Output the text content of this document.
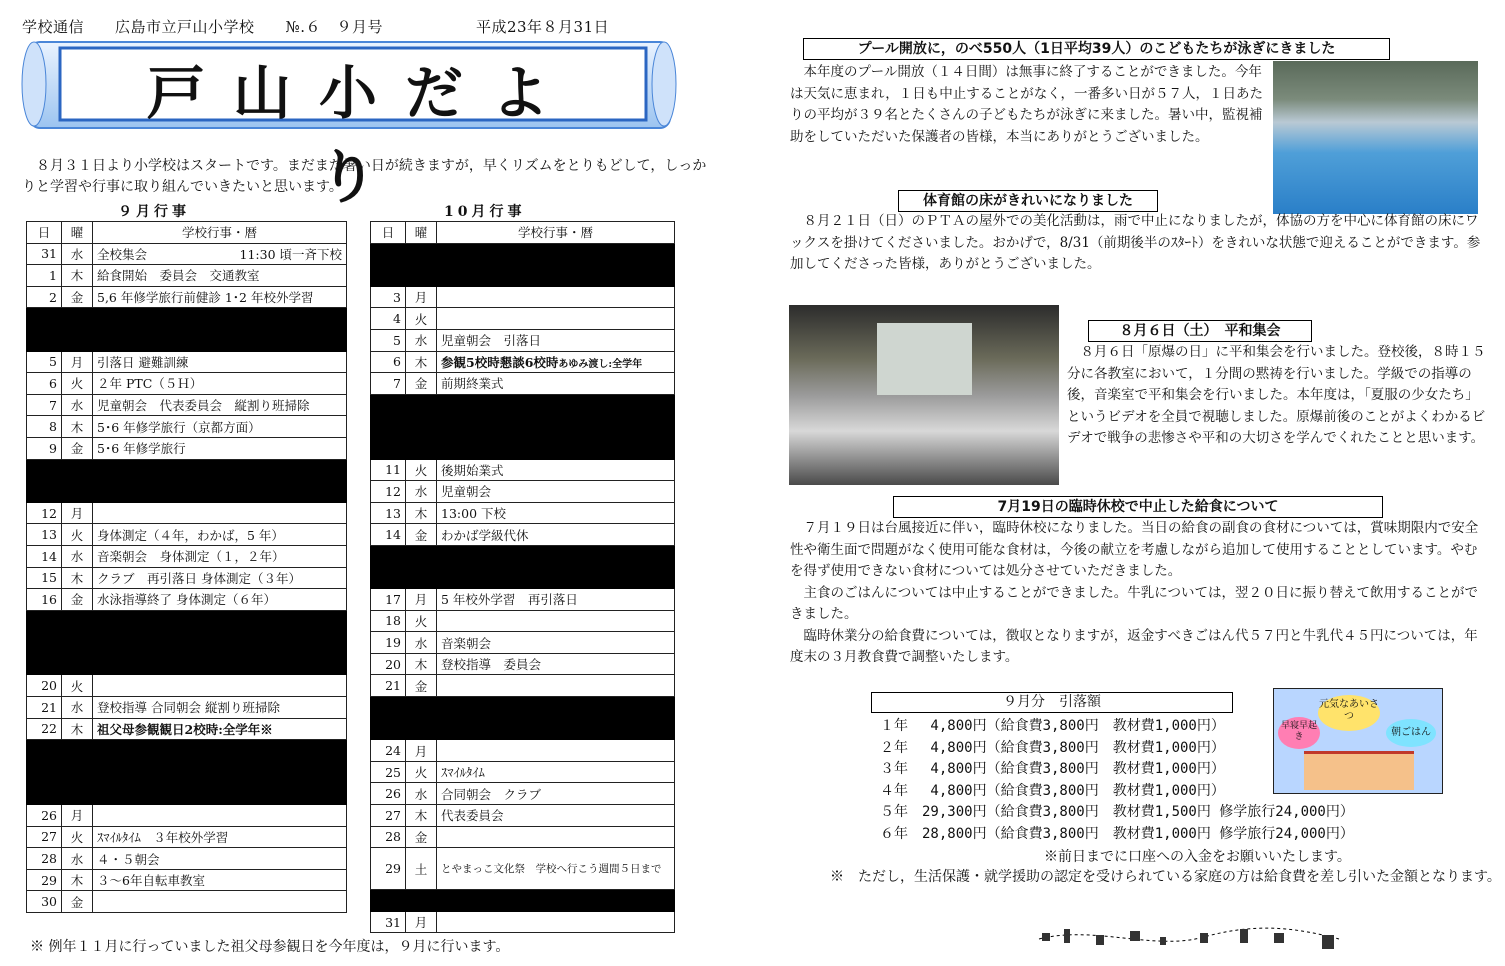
学校通信　　広島市立戸山小学校　　№.６　９月号　　　　　　平成23年８月31日
戸山小だより
８月３１日より小学校はスタートです。まだまだ暑い日が続きますが，早くリズムをとりもどして，しっかりと学習や行事に取り組んでいきたいと思います。
９月行事	10月行事
日	曜	学校行事・暦
31	水	全校集会 11:30 頃一斉下校

1	木	給食開始　委員会　交通教室
2	金	5,6 年修学旅行前健診 1･2 年校外学習

5	月	引落日 避難訓練
6	火	２年 PTC（５Ｈ）
7	水	児童朝会　代表委員会　縦割り班掃除
8	木	5･6 年修学旅行（京都方面）
9	金	5･6 年修学旅行

12	月	
13	火	身体測定（４年，わかば，5 年）
14	水	音楽朝会　身体測定（１，２年）
15	木	クラブ　再引落日 身体測定（３年）
16	金	水泳指導終了 身体測定（６年）

20	火	
21	水	登校指導 合同朝会 縦割り班掃除
22	木	祖父母参観観日2校時:全学年※

26	月	
27	火	ｽﾏｲﾙﾀｲﾑ　３年校外学習
28	水	４・５朝会
29	木	３～6年自転車教室
30	金	
日	曜	学校行事・暦

3	月	
4	火	
5	水	児童朝会　引落日
6	木	参観5校時懇談6校時あゆみ渡し:全学年
7	金	前期終業式

11	火	後期始業式
12	水	児童朝会
13	木	13:00 下校
14	金	わかば学級代休

17	月	5 年校外学習　再引落日
18	火	
19	水	音楽朝会
20	木	登校指導　委員会
21	金	

24	月	
25	火	ｽﾏｲﾙﾀｲﾑ
26	水	合同朝会　クラブ
27	木	代表委員会
28	金	
29	土	とやまっこ文化祭　学校へ行こう週間５日まで

31	月	
※ 例年１１月に行っていました祖父母参観日を今年度は，９月に行います。
プール開放に，のべ550人（1日平均39人）のこどもたちが泳ぎにきました
本年度のプール開放（１４日間）は無事に終了することができました。今年は天気に恵まれ，１日も中止することがなく，一番多い日が５７人，１日あたりの平均が３９名とたくさんの子どもたちが泳ぎに来ました。暑い中，監視補助をしていただいた保護者の皆様，本当にありがとうございました。
体育館の床がきれいになりました
８月２１日（日）のＰＴＡの屋外での美化活動は，雨で中止になりましたが，体協の方を中心に体育館の床にワックスを掛けてくださいました。おかげで，8/31（前期後半のｽﾀｰﾄ）をきれいな状態で迎えることができます。参加してくださった皆様，ありがとうございました。
８月６日（土）　平和集会
８月６日「原爆の日」に平和集会を行いました。登校後，８時１５分に各教室において，１分間の黙祷を行いました。学級での指導の後，音楽室で平和集会を行いました。本年度は，「夏服の少女たち」というビデオを全員で視聴しました。原爆前後のことがよくわかるビデオで戦争の悲惨さや平和の大切さを学んでくれたことと思います。
7月19日の臨時休校で中止した給食について
７月１９日は台風接近に伴い，臨時休校になりました。当日の給食の副食の食材については，賞味期限内で安全性や衛生面で問題がなく使用可能な食材は，今後の献立を考慮しながら追加して使用することとしています。やむを得ず使用できない食材については処分させていただきました。
主食のごはんについては中止することができました。牛乳については，翌２０日に振り替えて飲用することができました。
臨時休業分の給食費については，徴収となりますが，返金すべきごはん代５７円と牛乳代４５円については，年度末の３月教食費で調整いたします。
９月分　引落額
１年　 4,800円（給食費3,800円　教材費1,000円）
２年　 4,800円（給食費3,800円　教材費1,000円）
３年　 4,800円（給食費3,800円　教材費1,000円）
４年　 4,800円（給食費3,800円　教材費1,000円）
５年　29,300円（給食費3,800円　教材費1,500円 修学旅行24,000円）
６年　28,800円（給食費3,800円　教材費1,000円 修学旅行24,000円）
※前日までに口座への入金をお願いいたします。
※　ただし，生活保護・就学援助の認定を受けられている家庭の方は給食費を差し引いた金額となります。
元気なあいさつ
早寝早起き	朝ごはん
